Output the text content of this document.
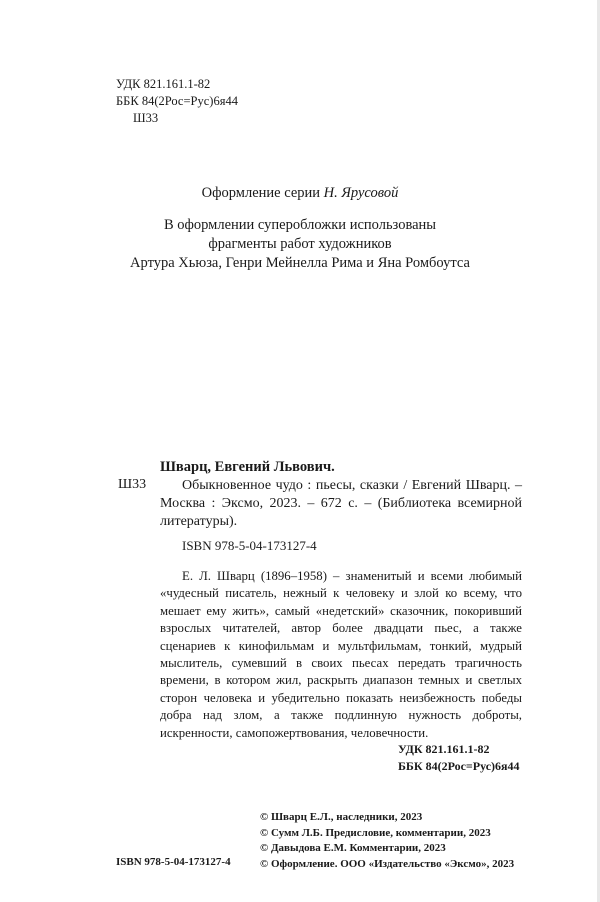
УДК 821.161.1-82
ББК 84(2Рос=Рус)6я44
Ш33
Оформление серии Н. Ярусовой
В оформлении суперобложки использованы
фрагменты работ художников
Артура Хьюза, Генри Мейнелла Рима и Яна Ромбоутса
Ш33
Шварц, Евгений Львович.
Обыкновенное чудо : пьесы, сказки / Евгений Шварц. – Москва : Эксмо, 2023. – 672 с. – (Библиотека всемирной литературы).
ISBN 978-5-04-173127-4
Е. Л. Шварц (1896–1958) – знаменитый и всеми любимый «чудесный писатель, нежный к человеку и злой ко всему, что мешает ему жить», самый «недетский» сказочник, покоривший взрослых читателей, автор более двадцати пьес, а также сценариев к кинофильмам и мультфильмам, тонкий, мудрый мыслитель, сумевший в своих пьесах передать трагичность времени, в котором жил, раскрыть диапазон темных и светлых сторон человека и убедительно показать неизбежность победы добра над злом, а также подлинную нужность доброты, искренности, самопожертвования, человечности.
УДК 821.161.1-82
ББК 84(2Рос=Рус)6я44
© Шварц Е.Л., наследники, 2023
© Сумм Л.Б. Предисловие, комментарии, 2023
© Давыдова Е.М. Комментарии, 2023
© Оформление. ООО «Издательство «Эксмо», 2023
ISBN 978-5-04-173127-4
